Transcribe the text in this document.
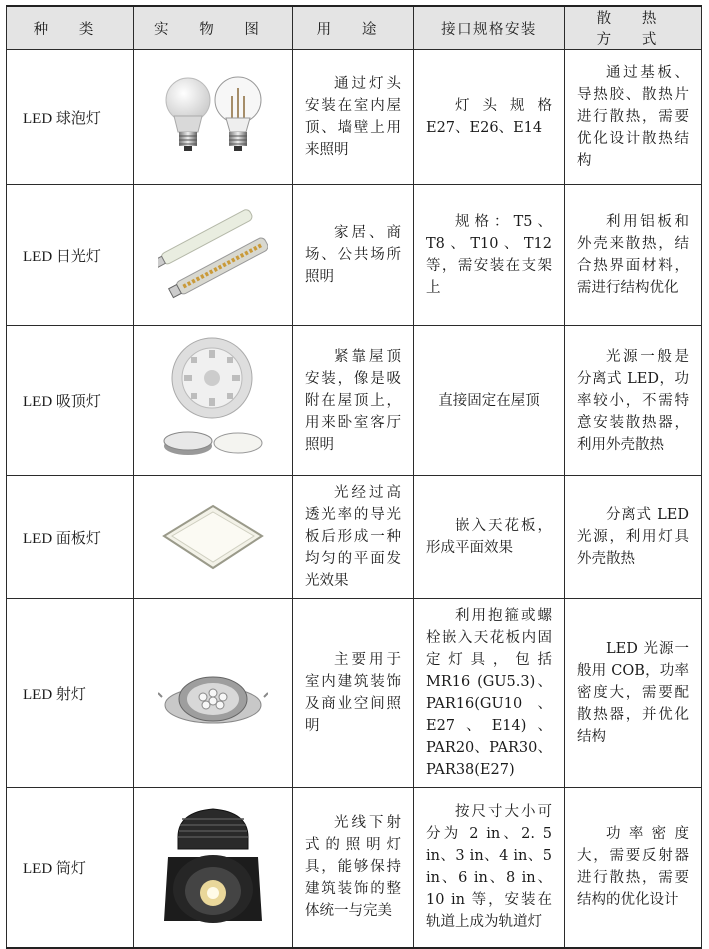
种 类	实 物 图	用 途	接口规格安装	散 热 方 式
LED 球泡灯		通过灯头安装在室内屋顶、墙壁上用来照明	灯头规格 E27、E26、E14	通过基板、导热胶、散热片进行散热，需要优化设计散热结构
LED 日光灯		家居、商场、公共场所照明	规格：T5、T8、T10、T12 等，需安装在支架上	利用铝板和外壳来散热，结合热界面材料，需进行结构优化
LED 吸顶灯		紧靠屋顶安装，像是吸附在屋顶上，用来卧室客厅照明	直接固定在屋顶	光源一般是分离式 LED，功率较小，不需特意安装散热器，利用外壳散热
LED 面板灯		光经过高透光率的导光板后形成一种均匀的平面发光效果	嵌入天花板，形成平面效果	分离式 LED 光源，利用灯具外壳散热
LED 射灯		主要用于室内建筑装饰及商业空间照明	利用抱箍或螺栓嵌入天花板内固定灯具，包括 MR16 (GU5.3)、PAR16(GU10、E27、E14)、PAR20、PAR30、PAR38(E27)	LED 光源一般用 COB，功率密度大，需要配散热器，并优化结构
LED 筒灯		光线下射式的照明灯具，能够保持建筑装饰的整体统一与完美	按尺寸大小可分为 2 in、2. 5 in、3 in、4 in、5 in、6 in、8 in、10 in 等，安装在轨道上成为轨道灯	功率密度大，需要反射器进行散热，需要结构的优化设计
